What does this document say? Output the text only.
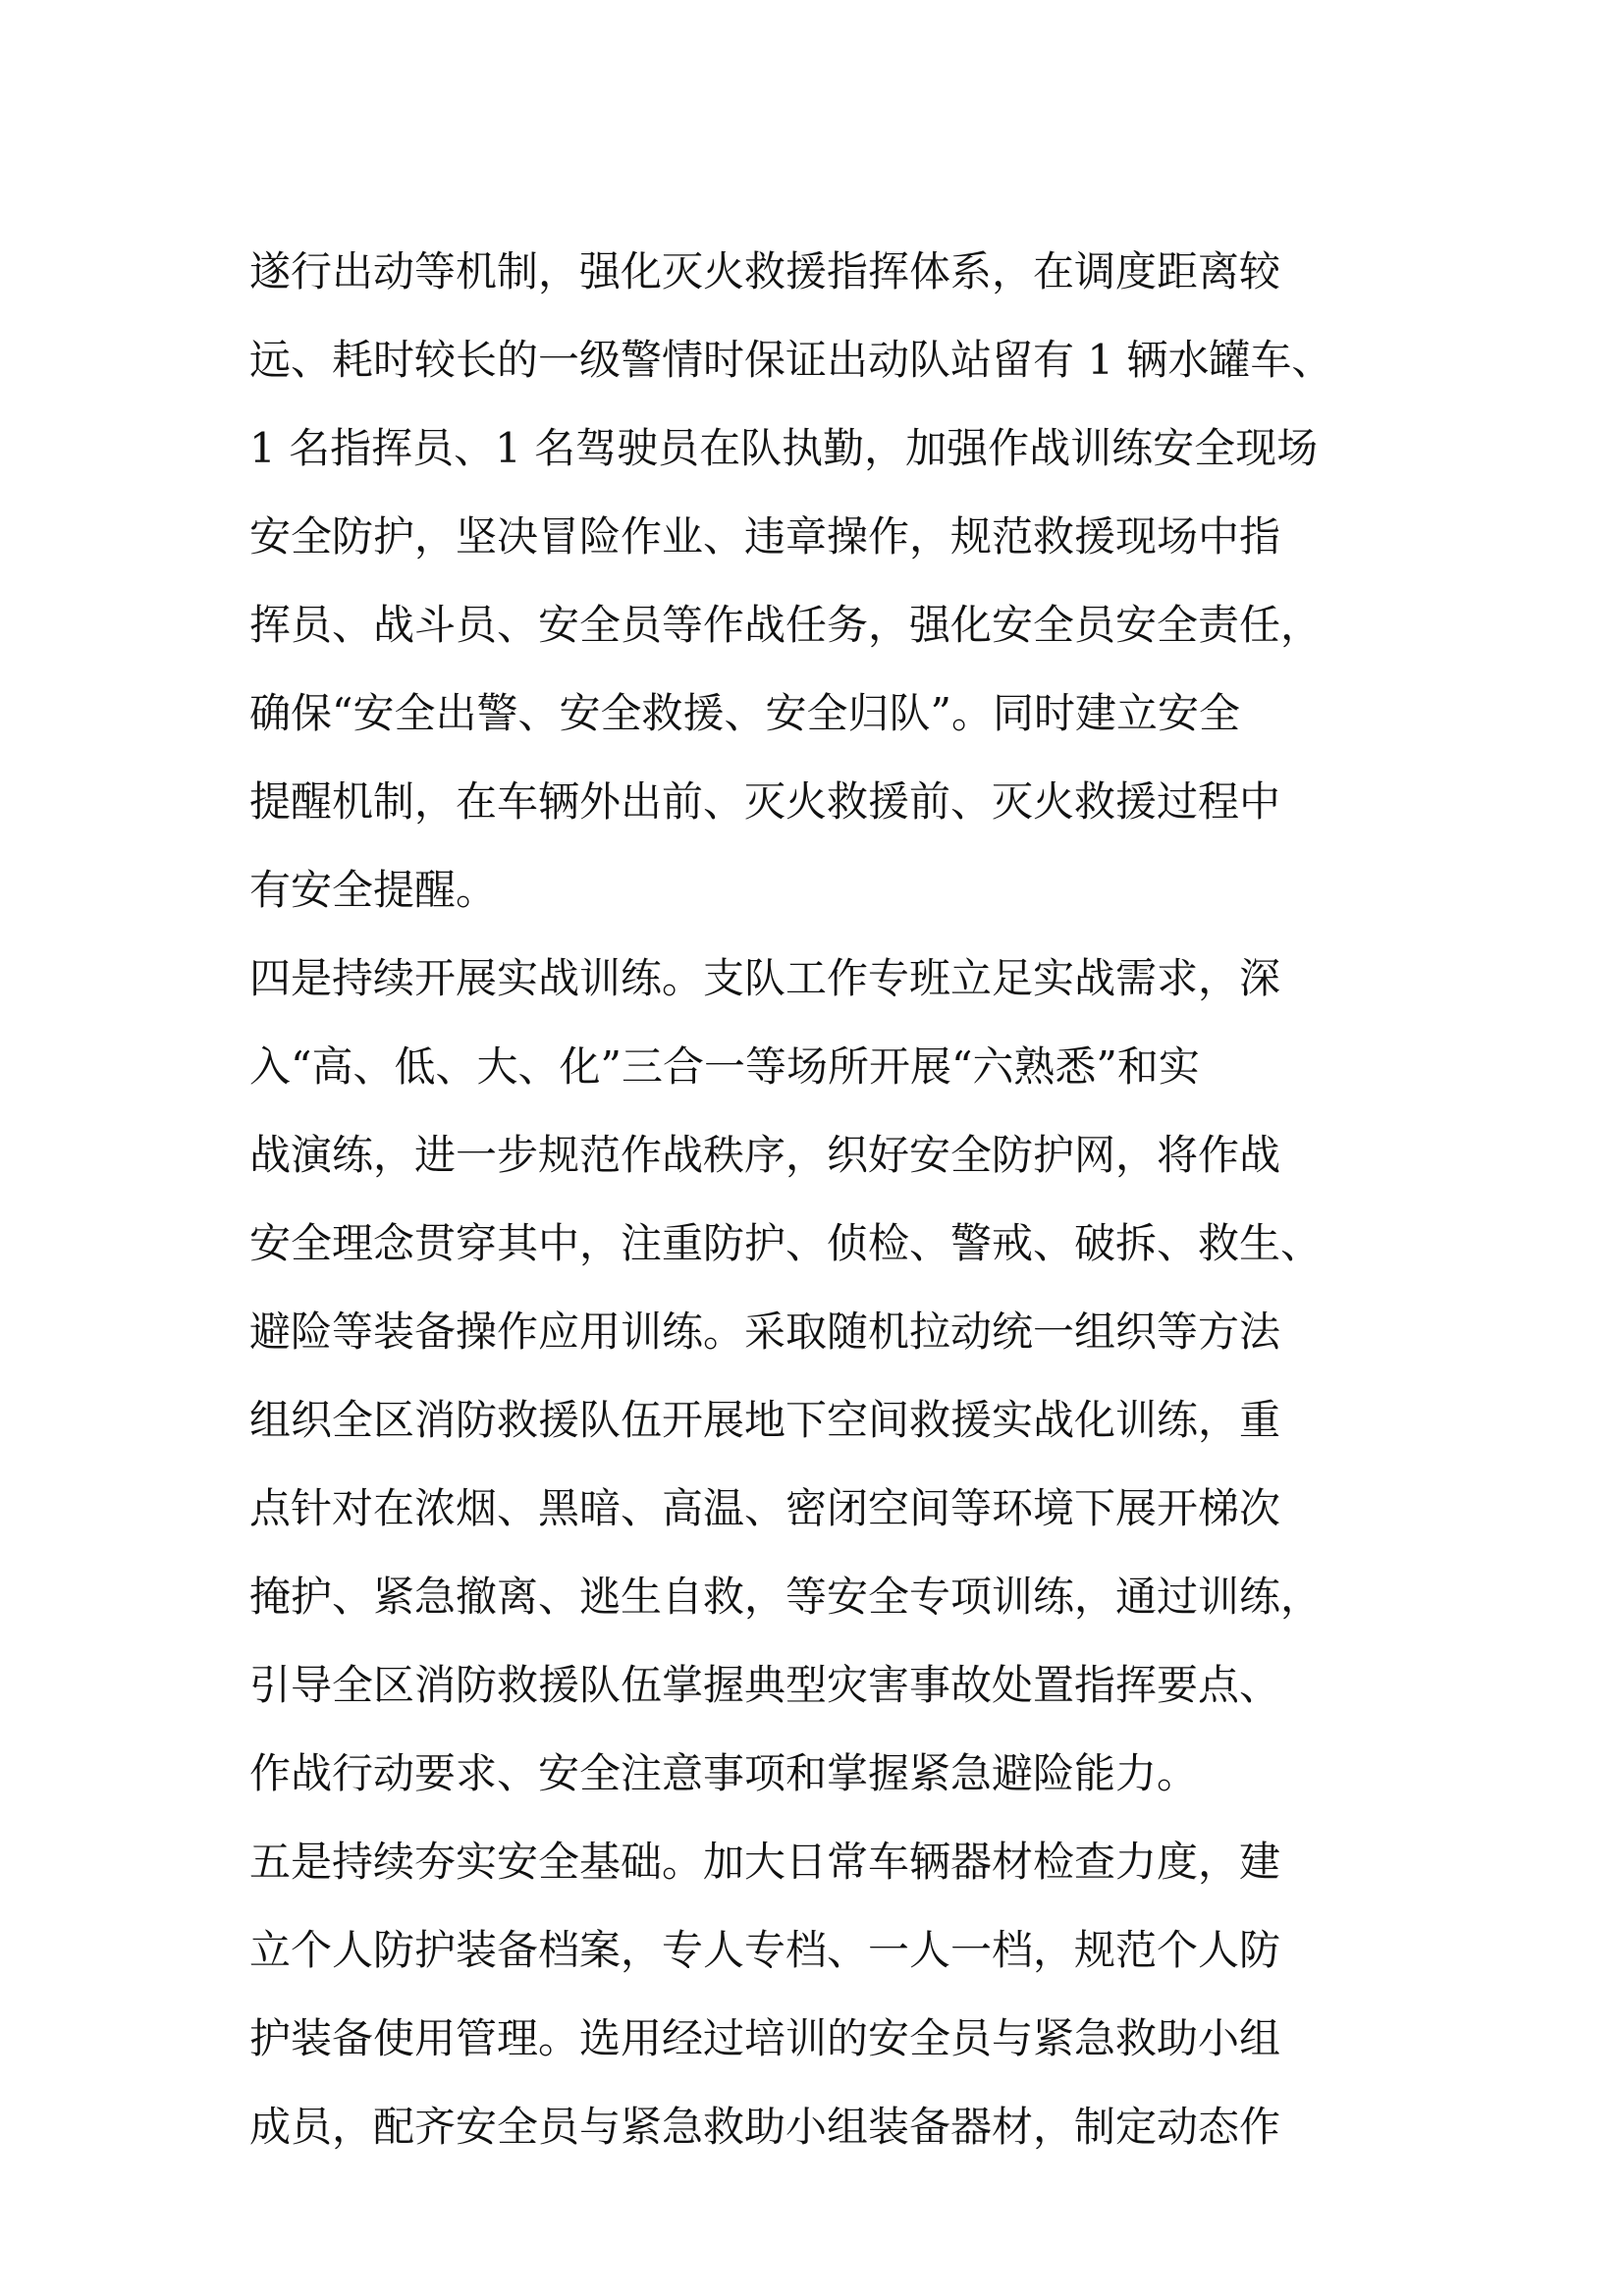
遂行出动等机制，强化灭火救援指挥体系，在调度距离较
远、耗时较长的一级警情时保证出动队站留有 1 辆水罐车、
1 名指挥员、1 名驾驶员在队执勤，加强作战训练安全现场
安全防护，坚决冒险作业、违章操作，规范救援现场中指
挥员、战斗员、安全员等作战任务，强化安全员安全责任，
确保“安全出警、安全救援、安全归队”。同时建立安全
提醒机制，在车辆外出前、灭火救援前、灭火救援过程中
有安全提醒。
四是持续开展实战训练。支队工作专班立足实战需求，深
入“高、低、大、化”三合一等场所开展“六熟悉”和实
战演练，进一步规范作战秩序，织好安全防护网，将作战
安全理念贯穿其中，注重防护、侦检、警戒、破拆、救生、
避险等装备操作应用训练。采取随机拉动统一组织等方法
组织全区消防救援队伍开展地下空间救援实战化训练，重
点针对在浓烟、黑暗、高温、密闭空间等环境下展开梯次
掩护、紧急撤离、逃生自救，等安全专项训练，通过训练，
引导全区消防救援队伍掌握典型灾害事故处置指挥要点、
作战行动要求、安全注意事项和掌握紧急避险能力。
五是持续夯实安全基础。加大日常车辆器材检查力度，建
立个人防护装备档案，专人专档、一人一档，规范个人防
护装备使用管理。选用经过培训的安全员与紧急救助小组
成员，配齐安全员与紧急救助小组装备器材，制定动态作
